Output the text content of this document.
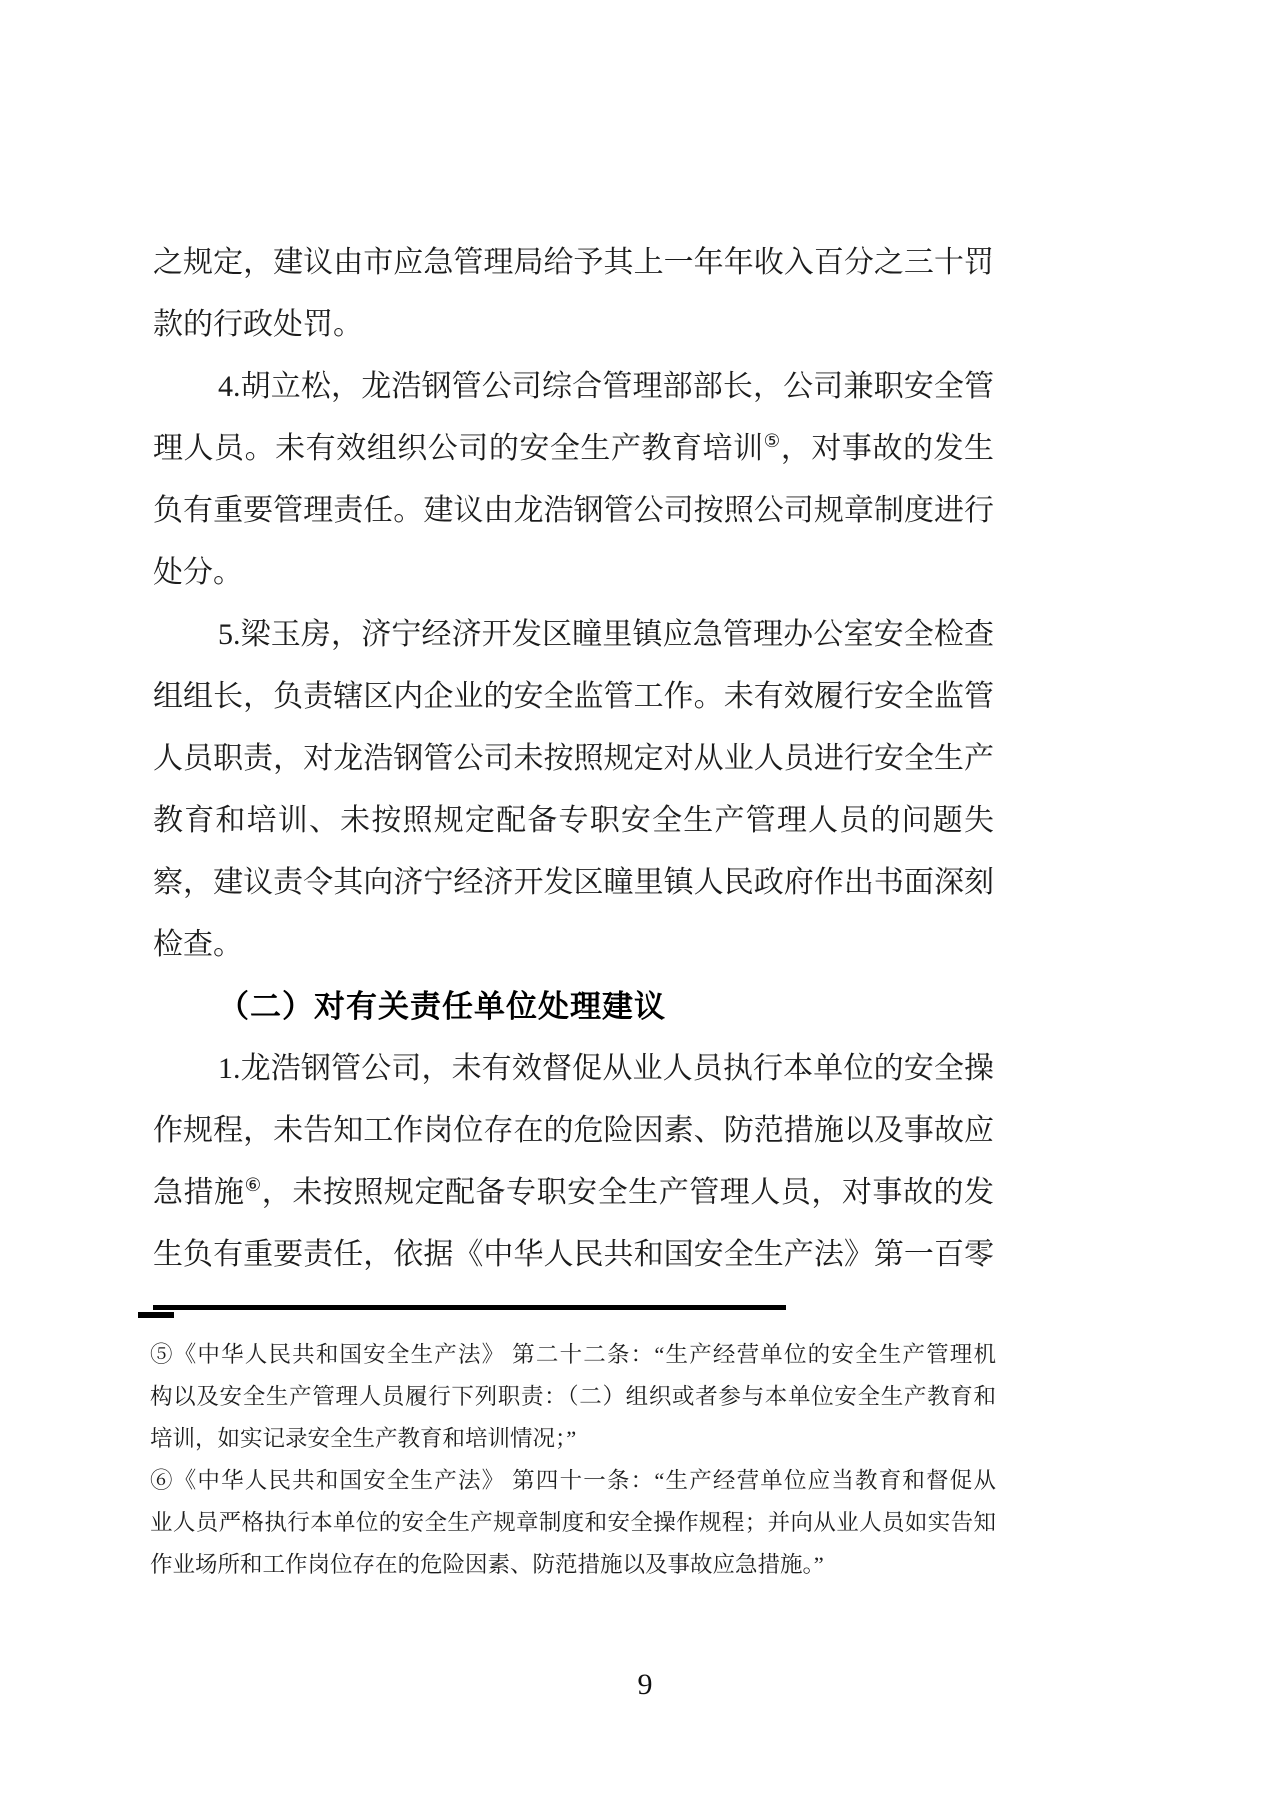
之规定，建议由市应急管理局给予其上一年年收入百分之三十罚
款的行政处罚。
4.胡立松，龙浩钢管公司综合管理部部长，公司兼职安全管
理人员。未有效组织公司的安全生产教育培训⑤，对事故的发生
负有重要管理责任。建议由龙浩钢管公司按照公司规章制度进行
处分。
5.梁玉房，济宁经济开发区瞳里镇应急管理办公室安全检查
组组长，负责辖区内企业的安全监管工作。未有效履行安全监管
人员职责，对龙浩钢管公司未按照规定对从业人员进行安全生产
教育和培训、未按照规定配备专职安全生产管理人员的问题失
察，建议责令其向济宁经济开发区瞳里镇人民政府作出书面深刻
检查。
（二）对有关责任单位处理建议
1.龙浩钢管公司，未有效督促从业人员执行本单位的安全操
作规程，未告知工作岗位存在的危险因素、防范措施以及事故应
急措施⑥，未按照规定配备专职安全生产管理人员，对事故的发
生负有重要责任，依据《中华人民共和国安全生产法》第一百零
⑤《中华人民共和国安全生产法》 第二十二条：“生产经营单位的安全生产管理机
构以及安全生产管理人员履行下列职责：（二）组织或者参与本单位安全生产教育和
培训，如实记录安全生产教育和培训情况；”
⑥《中华人民共和国安全生产法》 第四十一条：“生产经营单位应当教育和督促从
业人员严格执行本单位的安全生产规章制度和安全操作规程；并向从业人员如实告知
作业场所和工作岗位存在的危险因素、防范措施以及事故应急措施。”
9
